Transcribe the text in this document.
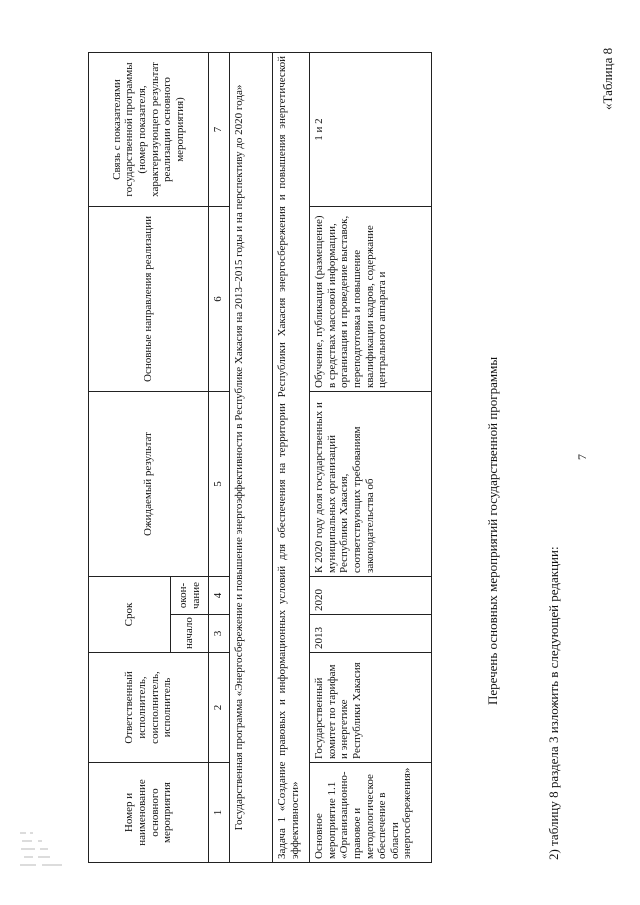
7
«Таблица 8
2) таблицу 8 раздела 3 изложить в следующей редакции:
Перечень основных мероприятий государственной программы
Номер и наименование основного мероприятия	Ответственный исполнитель, соисполнитель, исполнитель	Срок		Ожидаемый результат	Основные направления реализации	Связь с показателями государственной программы (номер показателя, характеризующего результат реализации основного мероприятия)
		начало	окон-чание			
1	2	3	4	5	6	7
Государственная программа «Энергосбережение и повышение энергоэффективности в Республике Хакасия на 2013–2015 годы и на перспективу до 2020 года»						
Задача 1 «Создание правовых и информационных условий для обеспечения на территории Республики Хакасия энергосбережения и повышения энергетической эффективности»						
Основное мероприятие 1.1 «Организационно-правовое и методологическое обеспечение в области энергосбережения»	Государственный комитет по тарифам и энергетике Республики Хакасия	2013	2020	К 2020 году доля государственных и муниципальных организаций Республики Хакасия, соответствующих требованиям законодательства об	Обучение, публикация (размещение) в средствах массовой информации, организация и проведение выставок, переподготовка и повышение квалификации кадров, содержание центрального аппарата и	1 и 2
